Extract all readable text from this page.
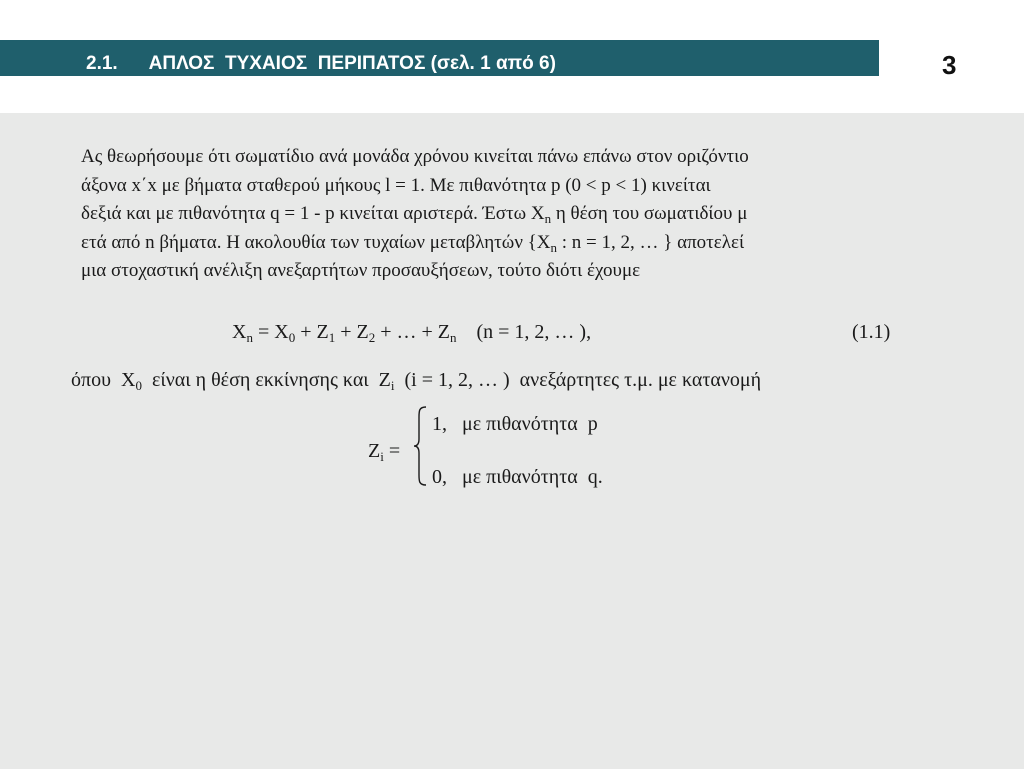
2.1.      ΑΠΛΟΣ  ΤΥΧΑΙΟΣ  ΠΕΡΙΠΑΤΟΣ (σελ. 1 από 6)	3
Ας θεωρήσουμε ότι σωματίδιο ανά μονάδα χρόνου κινείται πάνω επάνω στον οριζόντιο
άξονα x΄x με βήματα σταθερού μήκους l = 1. Με πιθανότητα p (0 < p < 1) κινείται
δεξιά και με πιθανότητα q = 1 - p κινείται αριστερά. Έστω $X_n$ η θέση του σωματιδίου μ
ετά από n βήματα. Η ακολουθία των τυχαίων μεταβλητών {$X_n$ : n = 1, 2, … } αποτελεί
μια στοχαστική ανέλιξη ανεξαρτήτων προσαυξήσεων, τούτο διότι έχουμε
$X_n = X_0 + Z_1 + Z_2$ + … + $Z_n$    (n = 1, 2, … ),	(1.1)
όπου  $X_0$  είναι η θέση εκκίνησης και  $Z_i$  (i = 1, 2, … )  ανεξάρτητες τ.μ. με κατανομή
$Z_i$ =
1,   με πιθανότητα  p
0,   με πιθανότητα  q.
